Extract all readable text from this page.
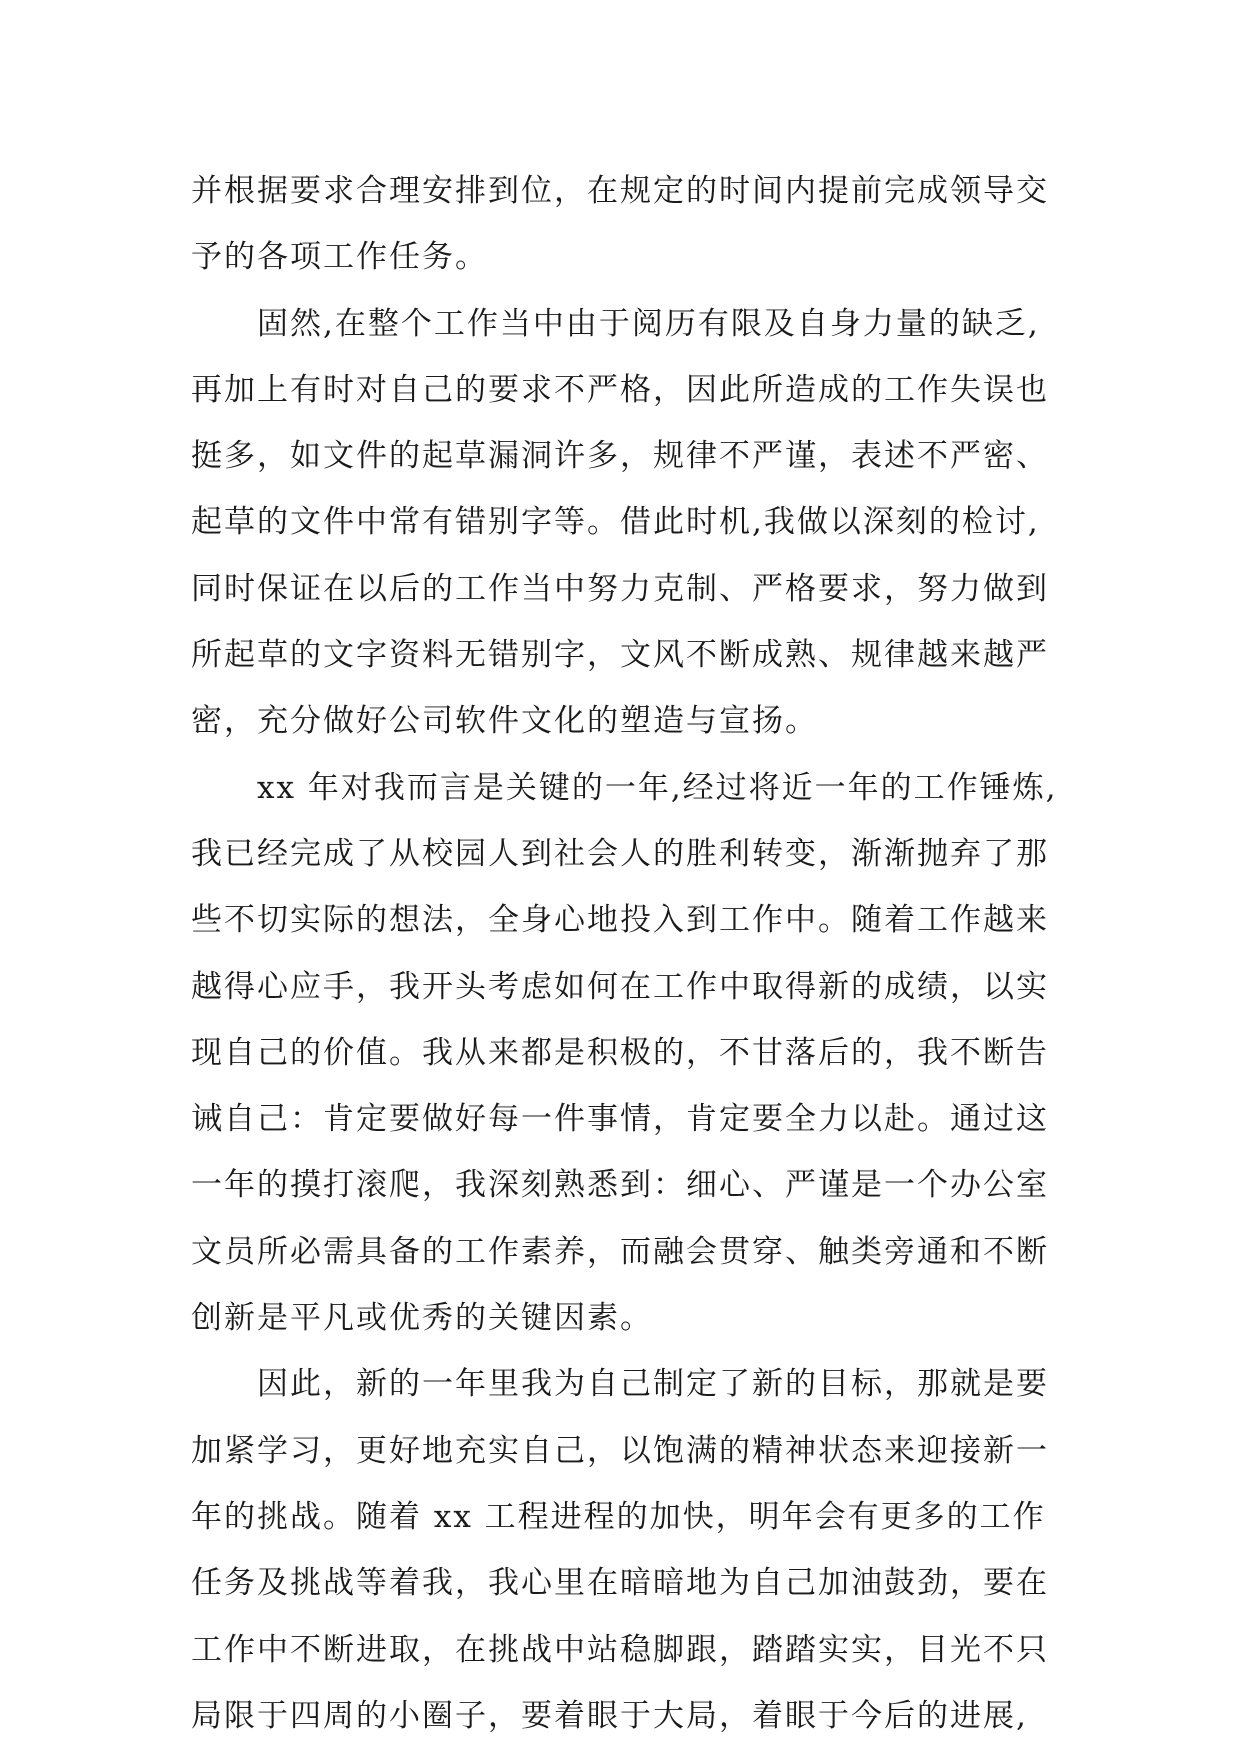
并根据要求合理安排到位，在规定的时间内提前完成领导交
予的各项工作任务。
固然,在整个工作当中由于阅历有限及自身力量的缺乏,
再加上有时对自己的要求不严格，因此所造成的工作失误也
挺多，如文件的起草漏洞许多，规律不严谨，表述不严密、
起草的文件中常有错别字等。借此时机,我做以深刻的检讨,
同时保证在以后的工作当中努力克制、严格要求，努力做到
所起草的文字资料无错别字，文风不断成熟、规律越来越严
密，充分做好公司软件文化的塑造与宣扬。
xx 年对我而言是关键的一年,经过将近一年的工作锤炼,
我已经完成了从校园人到社会人的胜利转变，渐渐抛弃了那
些不切实际的想法，全身心地投入到工作中。随着工作越来
越得心应手，我开头考虑如何在工作中取得新的成绩，以实
现自己的价值。我从来都是积极的，不甘落后的，我不断告
诫自己：肯定要做好每一件事情，肯定要全力以赴。通过这
一年的摸打滚爬，我深刻熟悉到：细心、严谨是一个办公室
文员所必需具备的工作素养，而融会贯穿、触类旁通和不断
创新是平凡或优秀的关键因素。
因此，新的一年里我为自己制定了新的目标，那就是要
加紧学习，更好地充实自己，以饱满的精神状态来迎接新一
年的挑战。随着 xx 工程进程的加快，明年会有更多的工作
任务及挑战等着我，我心里在暗暗地为自己加油鼓劲，要在
工作中不断进取，在挑战中站稳脚跟，踏踏实实，目光不只
局限于四周的小圈子，要着眼于大局，着眼于今后的进展,
